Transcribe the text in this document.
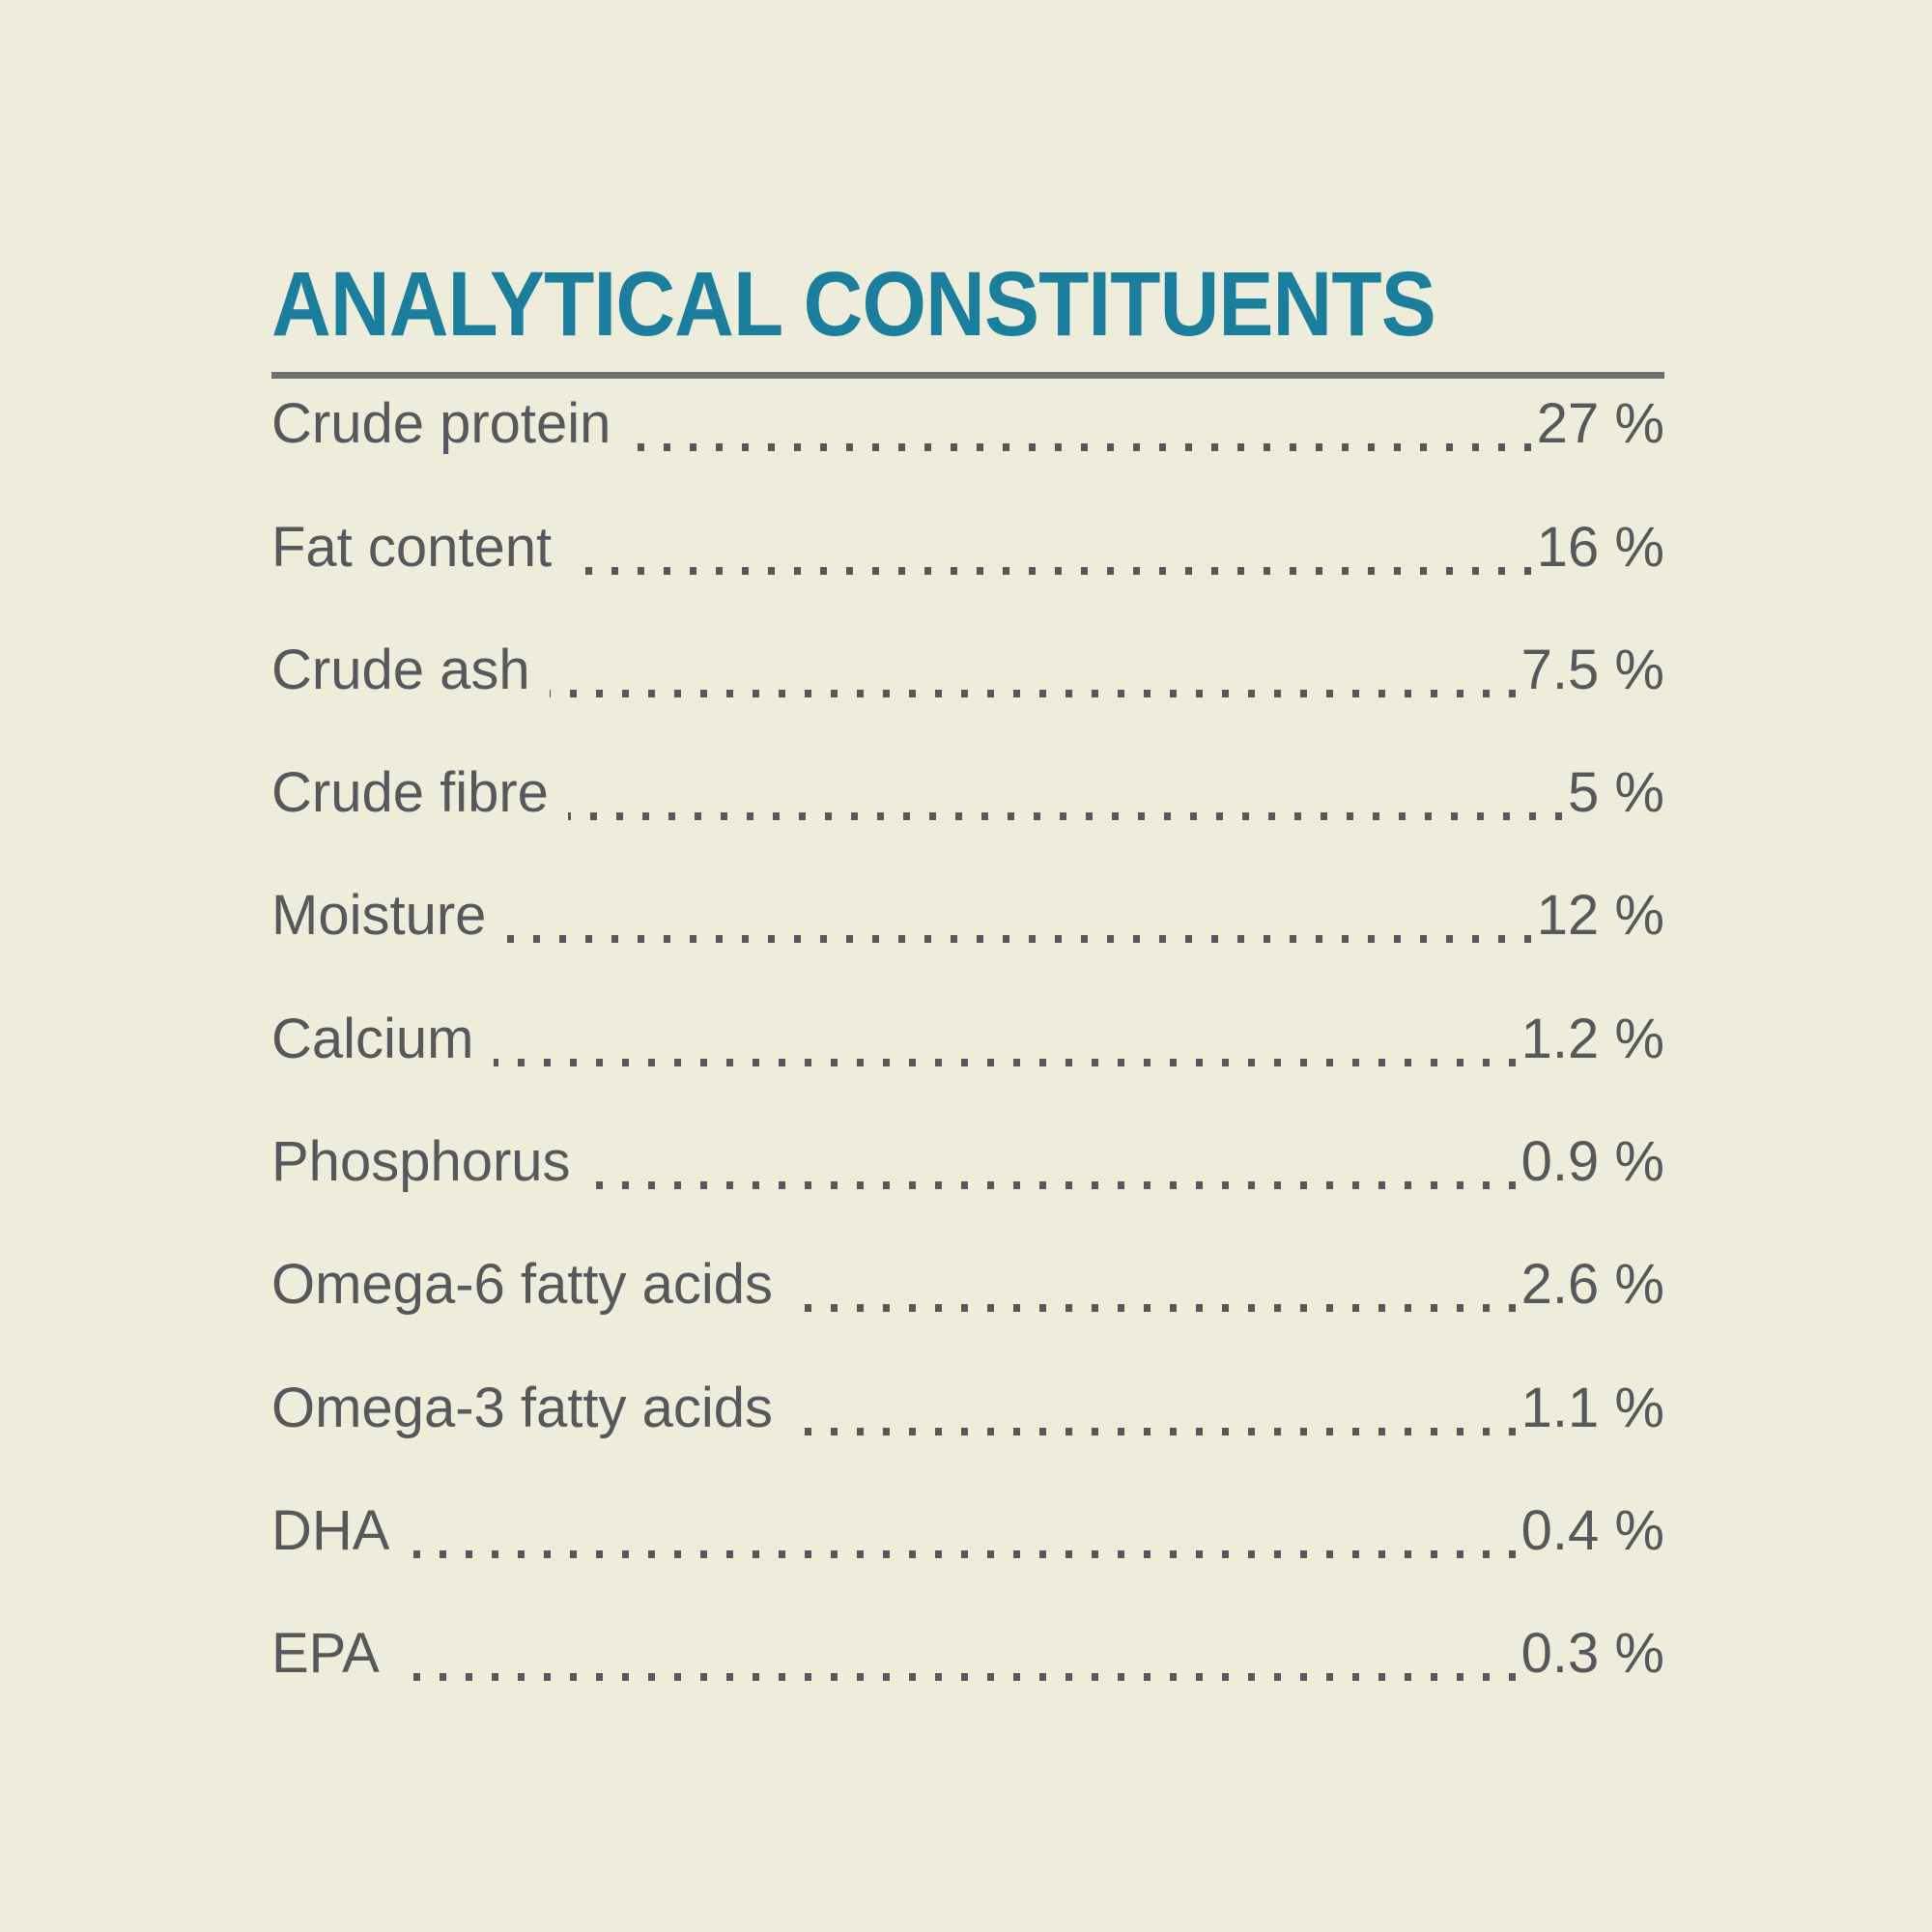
ANALYTICAL CONSTITUENTS
Crude protein	27 %
Fat content	16 %
Crude ash	7.5 %
Crude fibre	5 %
Moisture	12 %
Calcium	1.2 %
Phosphorus	0.9 %
Omega-6 fatty acids	2.6 %
Omega-3 fatty acids	1.1 %
DHA	0.4 %
EPA	0.3 %
